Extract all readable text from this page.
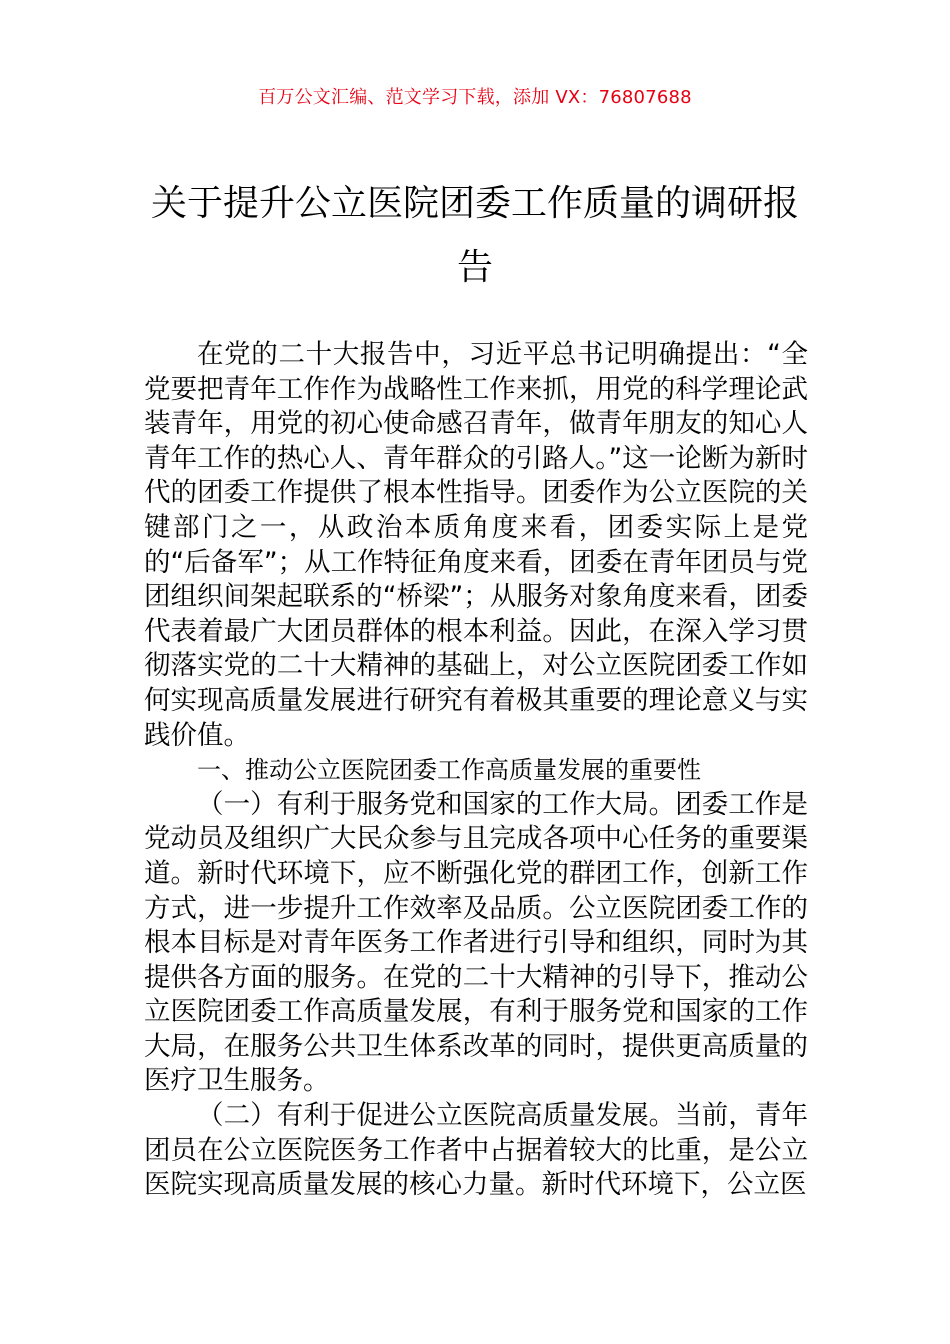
百万公文汇编、范文学习下载，添加 VX：76807688
关于提升公立医院团委工作质量的调研报告

在党的二十大报告中，习近平总书记明确提出：“全党要把青年工作作为战略性工作来抓，用党的科学理论武装青年，用党的初心使命感召青年，做青年朋友的知心人青年工作的热心人、青年群众的引路人。”这一论断为新时代的团委工作提供了根本性指导。团委作为公立医院的关键部门之一，从政治本质角度来看，团委实际上是党的“后备军”；从工作特征角度来看，团委在青年团员与党团组织间架起联系的“桥梁”；从服务对象角度来看，团委代表着最广大团员群体的根本利益。因此，在深入学习贯彻落实党的二十大精神的基础上，对公立医院团委工作如何实现高质量发展进行研究有着极其重要的理论意义与实践价值。

一、推动公立医院团委工作高质量发展的重要性

（一）有利于服务党和国家的工作大局。团委工作是党动员及组织广大民众参与且完成各项中心任务的重要渠道。新时代环境下，应不断强化党的群团工作，创新工作方式，进一步提升工作效率及品质。公立医院团委工作的根本目标是对青年医务工作者进行引导和组织，同时为其提供各方面的服务。在党的二十大精神的引导下，推动公立医院团委工作高质量发展，有利于服务党和国家的工作大局，在服务公共卫生体系改革的同时，提供更高质量的医疗卫生服务。

（二）有利于促进公立医院高质量发展。当前，青年团员在公立医院医务工作者中占据着较大的比重，是公立医院实现高质量发展的核心力量。新时代环境下，公立医
